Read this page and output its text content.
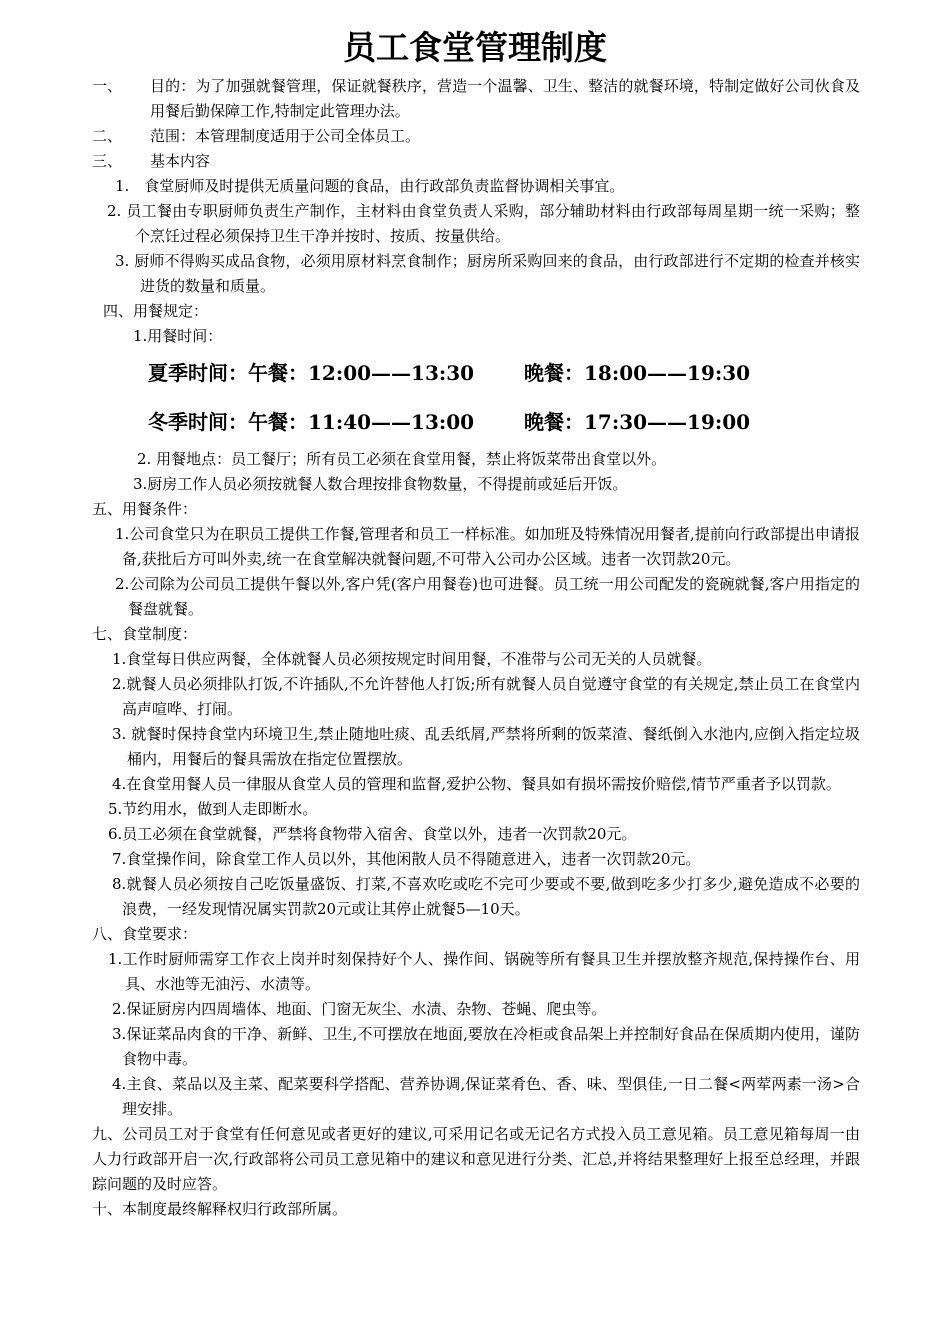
员工食堂管理制度
一、	目的：为了加强就餐管理，保证就餐秩序，营造一个温馨、卫生、整洁的就餐环境，特制定做好公司伙食及用餐后勤保障工作,特制定此管理办法。
二、	范围：本管理制度适用于公司全体员工。
三、	基本内容
1.　食堂厨师及时提供无质量问题的食品，由行政部负责监督协调相关事宜。
2. 员工餐由专职厨师负责生产制作，主材料由食堂负责人采购，部分辅助材料由行政部每周星期一统一采购；整个烹饪过程必须保持卫生干净并按时、按质、按量供给。
3. 厨师不得购买成品食物，必须用原材料烹食制作；厨房所采购回来的食品，由行政部进行不定期的检查并核实进货的数量和质量。
四、用餐规定：
1.用餐时间：
夏季时间：午餐：12:00——13:30 晚餐：18:00——19:30
冬季时间：午餐：11:40——13:00 晚餐：17:30——19:00
2. 用餐地点：员工餐厅；所有员工必须在食堂用餐，禁止将饭菜带出食堂以外。
3.厨房工作人员必须按就餐人数合理按排食物数量，不得提前或延后开饭。
五、用餐条件：
1.公司食堂只为在职员工提供工作餐,管理者和员工一样标准。如加班及特殊情况用餐者,提前向行政部提出申请报备,获批后方可叫外卖,统一在食堂解决就餐问题,不可带入公司办公区域。违者一次罚款20元。
2.公司除为公司员工提供午餐以外,客户凭(客户用餐卷)也可进餐。员工统一用公司配发的瓷碗就餐,客户用指定的餐盘就餐。
七、食堂制度：
1.食堂每日供应两餐，全体就餐人员必须按规定时间用餐，不准带与公司无关的人员就餐。
2.就餐人员必须排队打饭,不许插队,不允许替他人打饭;所有就餐人员自觉遵守食堂的有关规定,禁止员工在食堂内高声喧哗、打闹。
3. 就餐时保持食堂内环境卫生,禁止随地吐痰、乱丢纸屑,严禁将所剩的饭菜渣、餐纸倒入水池内,应倒入指定垃圾桶内，用餐后的餐具需放在指定位置摆放。
4.在食堂用餐人员一律服从食堂人员的管理和监督,爱护公物、餐具如有损坏需按价赔偿,情节严重者予以罚款。
5.节约用水，做到人走即断水。
6.员工必须在食堂就餐，严禁将食物带入宿舍、食堂以外，违者一次罚款20元。
7.食堂操作间，除食堂工作人员以外，其他闲散人员不得随意进入，违者一次罚款20元。
8.就餐人员必须按自己吃饭量盛饭、打菜,不喜欢吃或吃不完可少要或不要,做到吃多少打多少,避免造成不必要的浪费，一经发现情况属实罚款20元或让其停止就餐5—10天。
八、食堂要求：
1.工作时厨师需穿工作衣上岗并时刻保持好个人、操作间、锅碗等所有餐具卫生并摆放整齐规范,保持操作台、用具、水池等无油污、水渍等。
2.保证厨房内四周墙体、地面、门窗无灰尘、水渍、杂物、苍蝇、爬虫等。
3.保证菜品肉食的干净、新鲜、卫生,不可摆放在地面,要放在冷柜或食品架上并控制好食品在保质期内使用，谨防食物中毒。
4.主食、菜品以及主菜、配菜要科学搭配、营养协调,保证菜肴色、香、味、型俱佳,一日二餐<两荤两素一汤>合理安排。
九、公司员工对于食堂有任何意见或者更好的建议,可采用记名或无记名方式投入员工意见箱。员工意见箱每周一由人力行政部开启一次,行政部将公司员工意见箱中的建议和意见进行分类、汇总,并将结果整理好上报至总经理，并跟踪问题的及时应答。
十、本制度最终解释权归行政部所属。
